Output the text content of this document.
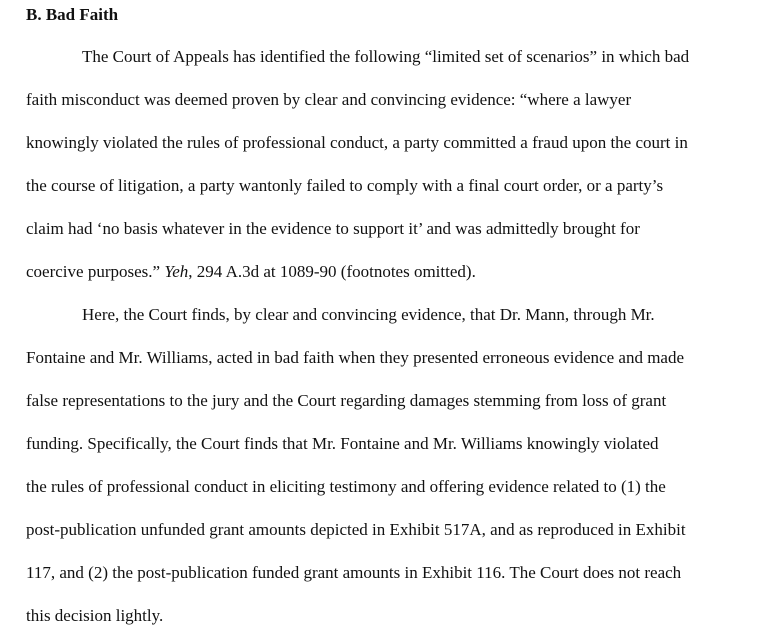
B. Bad Faith
The Court of Appeals has identified the following “limited set of scenarios” in which bad
faith misconduct was deemed proven by clear and convincing evidence: “where a lawyer
knowingly violated the rules of professional conduct, a party committed a fraud upon the court in
the course of litigation, a party wantonly failed to comply with a final court order, or a party’s
claim had ‘no basis whatever in the evidence to support it’ and was admittedly brought for
coercive purposes.” Yeh, 294 A.3d at 1089-90 (footnotes omitted).
Here, the Court finds, by clear and convincing evidence, that Dr. Mann, through Mr.
Fontaine and Mr. Williams, acted in bad faith when they presented erroneous evidence and made
false representations to the jury and the Court regarding damages stemming from loss of grant
funding. Specifically, the Court finds that Mr. Fontaine and Mr. Williams knowingly violated
the rules of professional conduct in eliciting testimony and offering evidence related to (1) the
post-publication unfunded grant amounts depicted in Exhibit 517A, and as reproduced in Exhibit
117, and (2) the post-publication funded grant amounts in Exhibit 116. The Court does not reach
this decision lightly.
